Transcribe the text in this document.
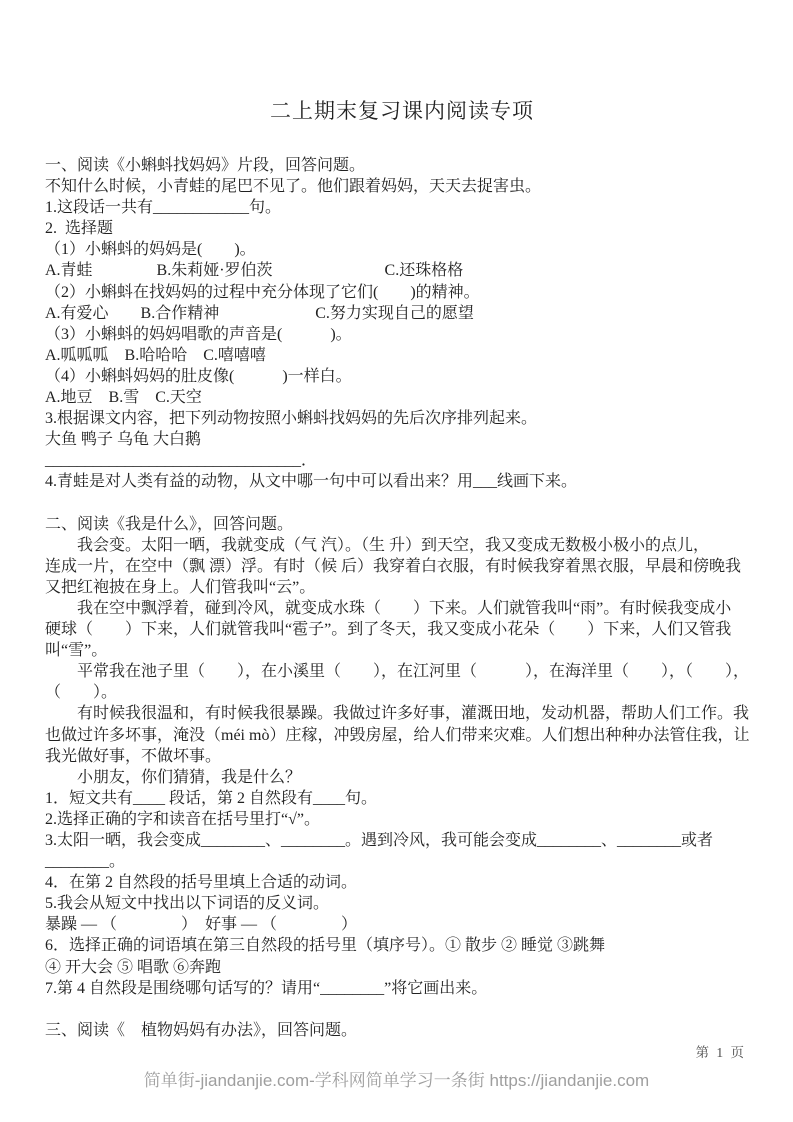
二上期末复习课内阅读专项
一、阅读《小蝌蚪找妈妈》片段，回答问题。
不知什么时候，小青蛙的尾巴不见了。他们跟着妈妈，天天去捉害虫。
1.这段话一共有____________句。
2.  选择题
（1）小蝌蚪的妈妈是(　　)。
A.青蛙　　　　B.朱莉娅·罗伯茨　　　　　　　C.还珠格格
（2）小蝌蚪在找妈妈的过程中充分体现了它们(　　)的精神。
A.有爱心　　B.合作精神　　　　　　C.努力实现自己的愿望
（3）小蝌蚪的妈妈唱歌的声音是(　　　)。
A.呱呱呱　B.哈哈哈　C.嘻嘻嘻
（4）小蝌蚪妈妈的肚皮像(　　　)一样白。
A.地豆　B.雪　C.天空
3.根据课文内容，把下列动物按照小蝌蚪找妈妈的先后次序排列起来。
大鱼 鸭子 乌龟 大白鹅
________________________________．
4.青蛙是对人类有益的动物，从文中哪一句中可以看出来？用___线画下来。

二、阅读《我是什么》，回答问题。
　　我会变。太阳一晒，我就变成（气 汽）。（生 升）到天空，我又变成无数极小极小的点儿，
连成一片，在空中（飘 漂）浮。有时（候 后）我穿着白衣服，有时候我穿着黑衣服，早晨和傍晚我
又把红袍披在身上。人们管我叫“云”。
　　我在空中飘浮着，碰到冷风，就变成水珠（　　）下来。人们就管我叫“雨”。有时候我变成小
硬球（　　）下来，人们就管我叫“雹子”。到了冬天，我又变成小花朵（　　）下来，人们又管我
叫“雪”。
　　平常我在池子里（　　），在小溪里（　　），在江河里（　　　），在海洋里（　　），（　　），
（　　）。
　　有时候我很温和，有时候我很暴躁。我做过许多好事，灌溉田地，发动机器，帮助人们工作。我
也做过许多坏事，淹没（méi mò）庄稼，冲毁房屋，给人们带来灾难。人们想出种种办法管住我，让
我光做好事，不做坏事。
　　小朋友，你们猜猜，我是什么？
1．短文共有____ 段话，第 2 自然段有____句。
2.选择正确的字和读音在括号里打“√”。
3.太阳一晒，我会变成________、________。遇到冷风，我可能会变成________、________或者
________。
4．在第 2 自然段的括号里填上合适的动词。
5.我会从短文中找出以下词语的反义词。
暴躁 — （　　　　）　好事 — （　　　　）
6．选择正确的词语填在第三自然段的括号里（填序号）。① 散步 ② 睡觉 ③跳舞
④ 开大会 ⑤ 唱歌 ⑥奔跑
7.第 4 自然段是围绕哪句话写的？请用“________”将它画出来。

三、阅读《　植物妈妈有办法》，回答问题。
第 1 页
简单街-jiandanjie.com-学科网简单学习一条街 https://jiandanjie.com
